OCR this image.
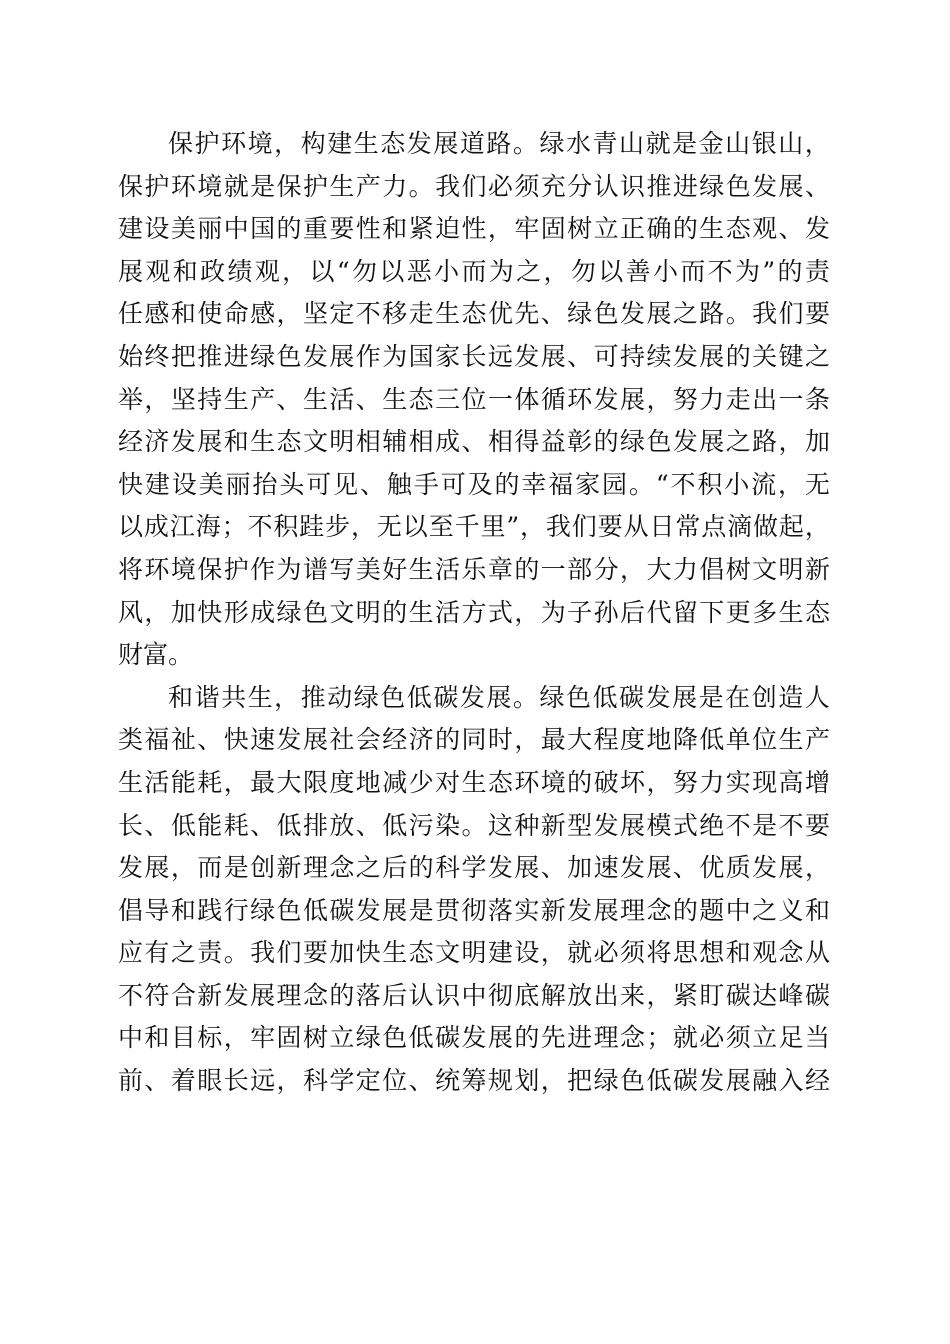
保 护 环 境 ， 构 建 生 态 发 展 道 路 。 绿 水 青 山 就 是 金 山 银 山 ，
保 护 环 境 就 是 保 护 生 产 力 。 我 们 必 须 充 分 认 识 推 进 绿 色 发 展 、
建 设 美 丽 中 国 的 重 要 性 和 紧 迫 性 ， 牢 固 树 立 正 确 的 生 态 观 、 发
展 观 和 政 绩 观 ， 以 “ 勿 以 恶 小 而 为 之 ， 勿 以 善 小 而 不 为 ” 的 责
任 感 和 使 命 感 ， 坚 定 不 移 走 生 态 优 先 、 绿 色 发 展 之 路 。 我 们 要
始 终 把 推 进 绿 色 发 展 作 为 国 家 长 远 发 展 、 可 持 续 发 展 的 关 键 之
举 ， 坚 持 生 产 、 生 活 、 生 态 三 位 一 体 循 环 发 展 ， 努 力 走 出 一 条
经 济 发 展 和 生 态 文 明 相 辅 相 成 、 相 得 益 彰 的 绿 色 发 展 之 路 ， 加
快 建 设 美 丽 抬 头 可 见 、 触 手 可 及 的 幸 福 家 园 。 “ 不 积 小 流 ， 无
以 成 江 海 ； 不 积 跬 步 ， 无 以 至 千 里 ” ， 我 们 要 从 日 常 点 滴 做 起 ，
将 环 境 保 护 作 为 谱 写 美 好 生 活 乐 章 的 一 部 分 ， 大 力 倡 树 文 明 新
风 ， 加 快 形 成 绿 色 文 明 的 生 活 方 式 ， 为 子 孙 后 代 留 下 更 多 生 态
财富。
和 谐 共 生 ， 推 动 绿 色 低 碳 发 展 。 绿 色 低 碳 发 展 是 在 创 造 人
类 福 祉 、 快 速 发 展 社 会 经 济 的 同 时 ， 最 大 程 度 地 降 低 单 位 生 产
生 活 能 耗 ， 最 大 限 度 地 减 少 对 生 态 环 境 的 破 坏 ， 努 力 实 现 高 增
长 、 低 能 耗 、 低 排 放 、 低 污 染 。 这 种 新 型 发 展 模 式 绝 不 是 不 要
发 展 ， 而 是 创 新 理 念 之 后 的 科 学 发 展 、 加 速 发 展 、 优 质 发 展 ，
倡 导 和 践 行 绿 色 低 碳 发 展 是 贯 彻 落 实 新 发 展 理 念 的 题 中 之 义 和
应 有 之 责 。 我 们 要 加 快 生 态 文 明 建 设 ， 就 必 须 将 思 想 和 观 念 从
不 符 合 新 发 展 理 念 的 落 后 认 识 中 彻 底 解 放 出 来 ， 紧 盯 碳 达 峰 碳
中 和 目 标 ， 牢 固 树 立 绿 色 低 碳 发 展 的 先 进 理 念 ； 就 必 须 立 足 当
前 、 着 眼 长 远 ， 科 学 定 位 、 统 筹 规 划 ， 把 绿 色 低 碳 发 展 融 入 经
